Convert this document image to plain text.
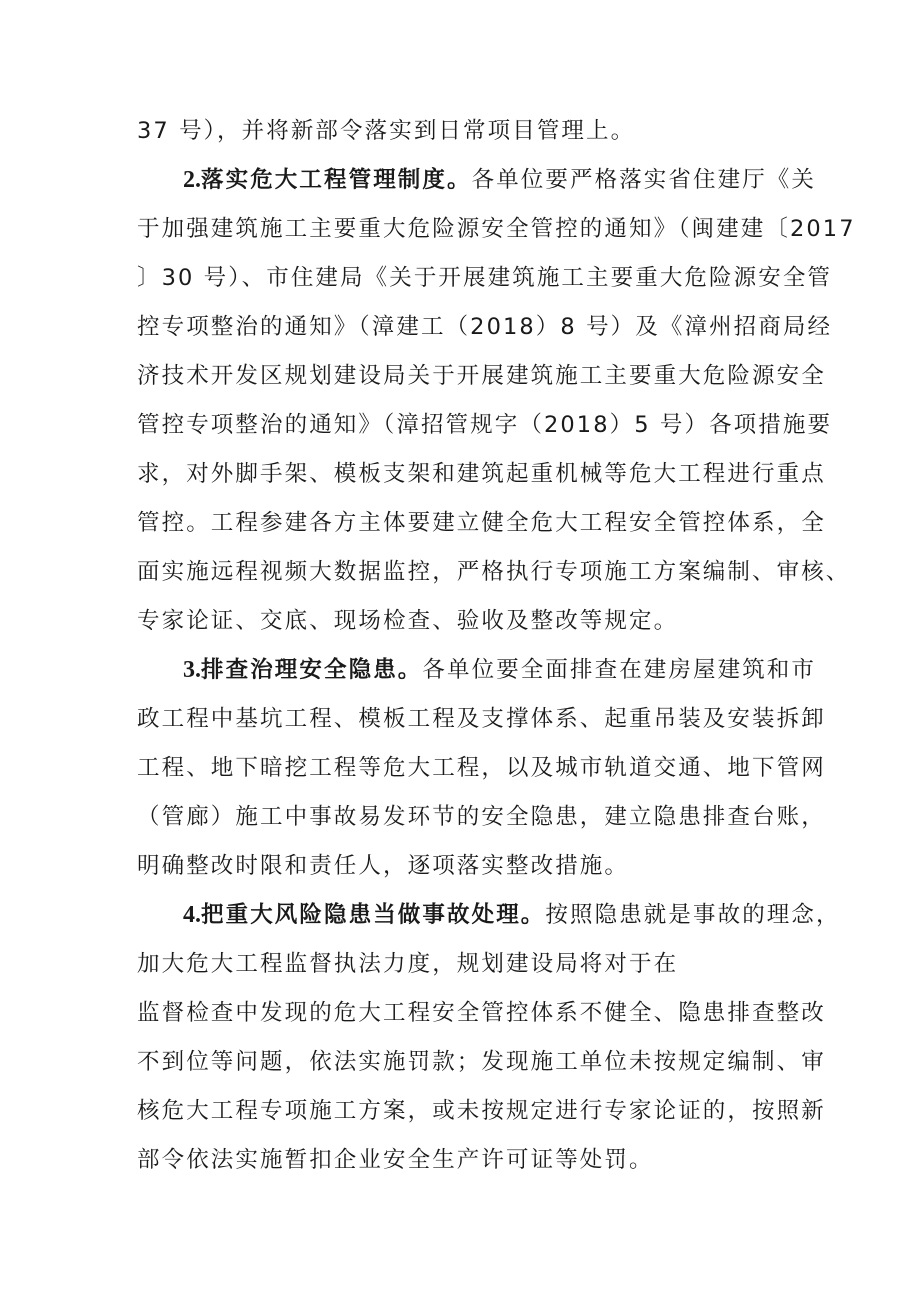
37 号），并将新部令落实到日常项目管理上。
2.落实危大工程管理制度。各单位要严格落实省住建厅《关
于加强建筑施工主要重大危险源安全管控的通知》（闽建建〔2017
〕30 号）、市住建局《关于开展建筑施工主要重大危险源安全管
控专项整治的通知》（漳建工（2018）8 号）及《漳州招商局经
济技术开发区规划建设局关于开展建筑施工主要重大危险源安全
管控专项整治的通知》（漳招管规字（2018）5 号）各项措施要
求，对外脚手架、模板支架和建筑起重机械等危大工程进行重点
管控。工程参建各方主体要建立健全危大工程安全管控体系，全
面实施远程视频大数据监控，严格执行专项施工方案编制、审核、
专家论证、交底、现场检查、验收及整改等规定。
3.排查治理安全隐患。各单位要全面排查在建房屋建筑和市
政工程中基坑工程、模板工程及支撑体系、起重吊装及安装拆卸
工程、地下暗挖工程等危大工程，以及城市轨道交通、地下管网
（管廊）施工中事故易发环节的安全隐患，建立隐患排查台账，
明确整改时限和责任人，逐项落实整改措施。
4.把重大风险隐患当做事故处理。按照隐患就是事故的理念，
加大危大工程监督执法力度，规划建设局将对于在
监督检查中发现的危大工程安全管控体系不健全、隐患排查整改
不到位等问题，依法实施罚款；发现施工单位未按规定编制、审
核危大工程专项施工方案，或未按规定进行专家论证的，按照新
部令依法实施暂扣企业安全生产许可证等处罚。
